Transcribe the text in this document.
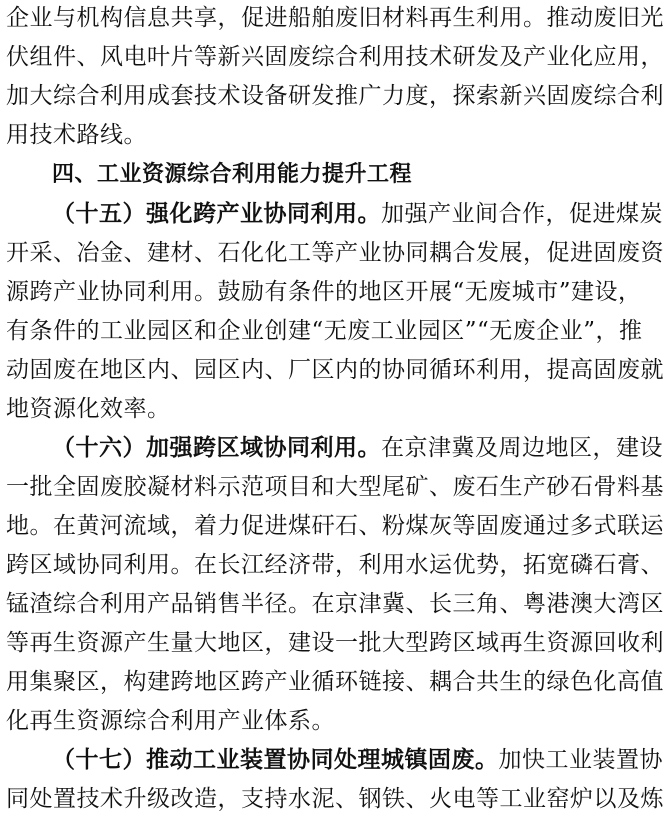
企业与机构信息共享，促进船舶废旧材料再生利用。推动废旧光
伏组件、风电叶片等新兴固废综合利用技术研发及产业化应用，
加大综合利用成套技术设备研发推广力度，探索新兴固废综合利
用技术路线。
四、工业资源综合利用能力提升工程
（十五）强化跨产业协同利用。加强产业间合作，促进煤炭
开采、冶金、建材、石化化工等产业协同耦合发展，促进固废资
源跨产业协同利用。鼓励有条件的地区开展“无废城市”建设，
有条件的工业园区和企业创建“无废工业园区”“无废企业”，推
动固废在地区内、园区内、厂区内的协同循环利用，提高固废就
地资源化效率。
（十六）加强跨区域协同利用。在京津冀及周边地区，建设
一批全固废胶凝材料示范项目和大型尾矿、废石生产砂石骨料基
地。在黄河流域，着力促进煤矸石、粉煤灰等固废通过多式联运
跨区域协同利用。在长江经济带，利用水运优势，拓宽磷石膏、
锰渣综合利用产品销售半径。在京津冀、长三角、粤港澳大湾区
等再生资源产生量大地区，建设一批大型跨区域再生资源回收利
用集聚区，构建跨地区跨产业循环链接、耦合共生的绿色化高值
化再生资源综合利用产业体系。
（十七）推动工业装置协同处理城镇固废。加快工业装置协
同处置技术升级改造，支持水泥、钢铁、火电等工业窑炉以及炼
